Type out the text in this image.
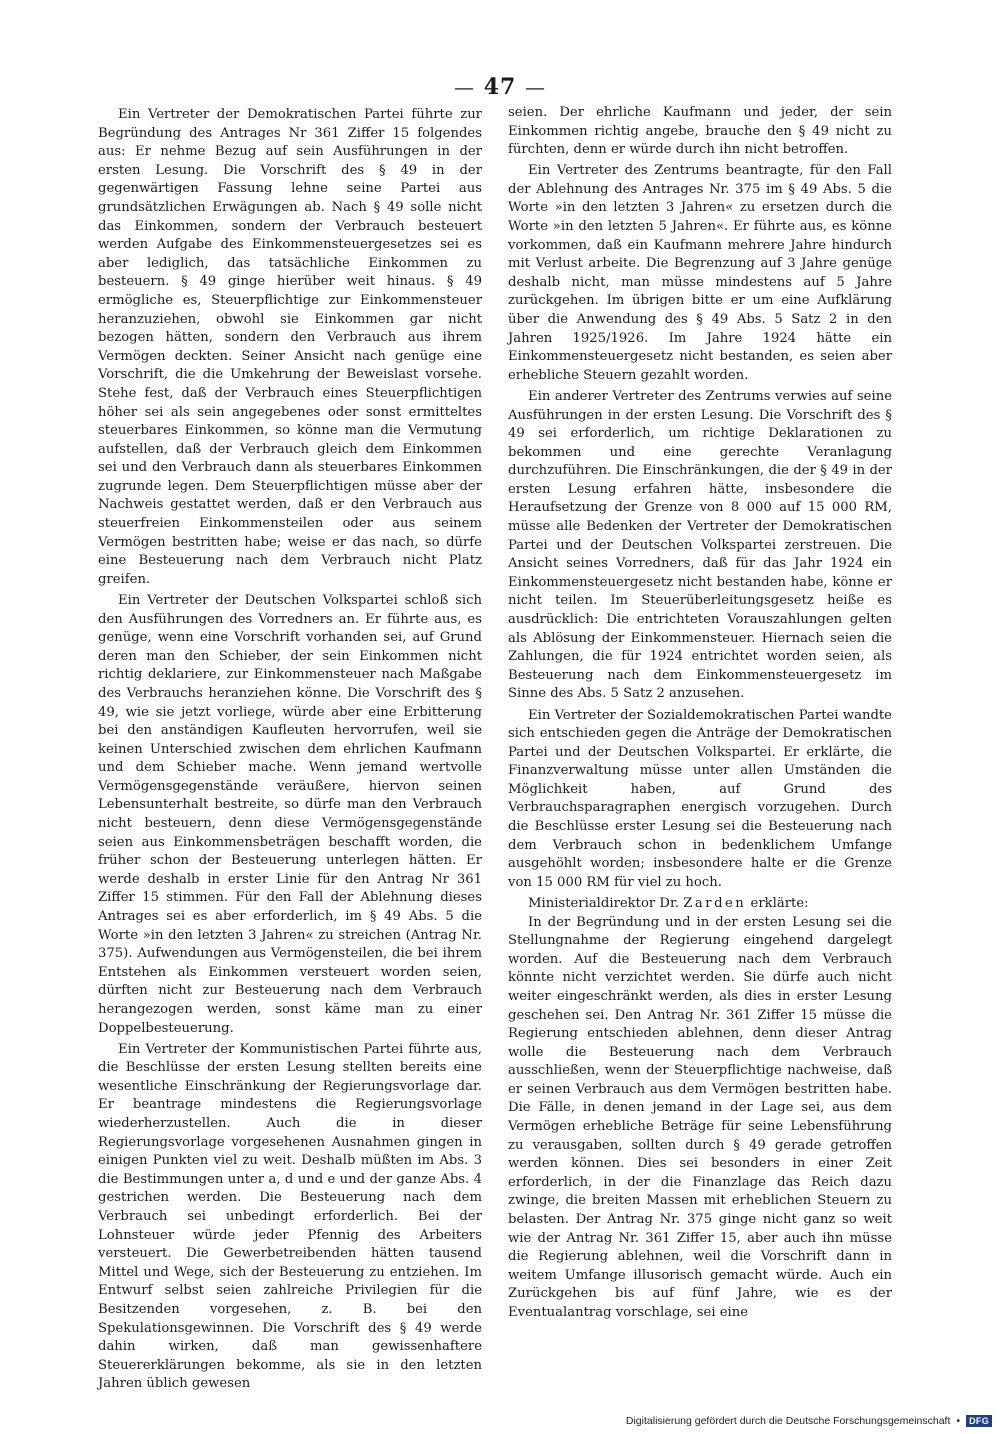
— 47 —

Ein Vertreter der Demokratischen Partei führte zur Begründung des Antrages Nr 361 Ziffer 15 folgendes aus: Er nehme Bezug auf sein Ausführungen in der ersten Lesung. Die Vorschrift des § 49 in der gegenwärtigen Fassung lehne seine Partei aus grundsätzlichen Erwägungen ab. Nach § 49 solle nicht das Einkommen, sondern der Verbrauch besteuert werden Aufgabe des Einkommensteuergesetzes sei es aber lediglich, das tatsächliche Einkommen zu besteuern. § 49 ginge hierüber weit hinaus. § 49 ermögliche es, Steuerpflichtige zur Einkommensteuer heranzuziehen, obwohl sie Einkommen gar nicht bezogen hätten, sondern den Verbrauch aus ihrem Vermögen deckten. Seiner Ansicht nach genüge eine Vorschrift, die die Umkehrung der Beweislast vorsehe. Stehe fest, daß der Verbrauch eines Steuerpflichtigen höher sei als sein angegebenes oder sonst ermitteltes steuerbares Einkommen, so könne man die Vermutung aufstellen, daß der Verbrauch gleich dem Einkommen sei und den Verbrauch dann als steuerbares Einkommen zugrunde legen. Dem Steuerpflichtigen müsse aber der Nachweis gestattet werden, daß er den Verbrauch aus steuerfreien Einkommensteilen oder aus seinem Vermögen bestritten habe; weise er das nach, so dürfe eine Besteuerung nach dem Verbrauch nicht Platz greifen.

Ein Vertreter der Deutschen Volkspartei schloß sich den Ausführungen des Vorredners an. Er führte aus, es genüge, wenn eine Vorschrift vorhanden sei, auf Grund deren man den Schieber, der sein Einkommen nicht richtig deklariere, zur Einkommensteuer nach Maßgabe des Verbrauchs heranziehen könne. Die Vorschrift des § 49, wie sie jetzt vorliege, würde aber eine Erbitterung bei den anständigen Kaufleuten hervorrufen, weil sie keinen Unterschied zwischen dem ehrlichen Kaufmann und dem Schieber mache. Wenn jemand wertvolle Vermögensgegenstände veräußere, hiervon seinen Lebensunterhalt bestreite, so dürfe man den Verbrauch nicht besteuern, denn diese Vermögensgegenstände seien aus Einkommensbeträgen beschafft worden, die früher schon der Besteuerung unterlegen hätten. Er werde deshalb in erster Linie für den Antrag Nr 361 Ziffer 15 stimmen. Für den Fall der Ablehnung dieses Antrages sei es aber erforderlich, im § 49 Abs. 5 die Worte »in den letzten 3 Jahren« zu streichen (Antrag Nr. 375). Aufwendungen aus Vermögensteilen, die bei ihrem Entstehen als Einkommen versteuert worden seien, dürften nicht zur Besteuerung nach dem Verbrauch herangezogen werden, sonst käme man zu einer Doppelbesteuerung.

Ein Vertreter der Kommunistischen Partei führte aus, die Beschlüsse der ersten Lesung stellten bereits eine wesentliche Einschränkung der Regierungsvorlage dar. Er beantrage mindestens die Regierungsvorlage wiederherzustellen. Auch die in dieser Regierungsvorlage vorgesehenen Ausnahmen gingen in einigen Punkten viel zu weit. Deshalb müßten im Abs. 3 die Bestimmungen unter a, d und e und der ganze Abs. 4 gestrichen werden. Die Besteuerung nach dem Verbrauch sei unbedingt erforderlich. Bei der Lohnsteuer würde jeder Pfennig des Arbeiters versteuert. Die Gewerbetreibenden hätten tausend Mittel und Wege, sich der Besteuerung zu entziehen. Im Entwurf selbst seien zahlreiche Privilegien für die Besitzenden vorgesehen, z. B. bei den Spekulationsgewinnen. Die Vorschrift des § 49 werde dahin wirken, daß man gewissenhaftere Steuererklärungen bekomme, als sie in den letzten Jahren üblich gewesen

seien. Der ehrliche Kaufmann und jeder, der sein Einkommen richtig angebe, brauche den § 49 nicht zu fürchten, denn er würde durch ihn nicht betroffen.

Ein Vertreter des Zentrums beantragte, für den Fall der Ablehnung des Antrages Nr. 375 im § 49 Abs. 5 die Worte »in den letzten 3 Jahren« zu ersetzen durch die Worte »in den letzten 5 Jahren«. Er führte aus, es könne vorkommen, daß ein Kaufmann mehrere Jahre hindurch mit Verlust arbeite. Die Begrenzung auf 3 Jahre genüge deshalb nicht, man müsse mindestens auf 5 Jahre zurückgehen. Im übrigen bitte er um eine Aufklärung über die Anwendung des § 49 Abs. 5 Satz 2 in den Jahren 1925/1926. Im Jahre 1924 hätte ein Einkommensteuergesetz nicht bestanden, es seien aber erhebliche Steuern gezahlt worden.

Ein anderer Vertreter des Zentrums verwies auf seine Ausführungen in der ersten Lesung. Die Vorschrift des § 49 sei erforderlich, um richtige Deklarationen zu bekommen und eine gerechte Veranlagung durchzuführen. Die Einschränkungen, die der § 49 in der ersten Lesung erfahren hätte, insbesondere die Heraufsetzung der Grenze von 8 000 auf 15 000 RM, müsse alle Bedenken der Vertreter der Demokratischen Partei und der Deutschen Volkspartei zerstreuen. Die Ansicht seines Vorredners, daß für das Jahr 1924 ein Einkommensteuergesetz nicht bestanden habe, könne er nicht teilen. Im Steuerüberleitungsgesetz heiße es ausdrücklich: Die entrichteten Vorauszahlungen gelten als Ablösung der Einkommensteuer. Hiernach seien die Zahlungen, die für 1924 entrichtet worden seien, als Besteuerung nach dem Einkommensteuergesetz im Sinne des Abs. 5 Satz 2 anzusehen.

Ein Vertreter der Sozialdemokratischen Partei wandte sich entschieden gegen die Anträge der Demokratischen Partei und der Deutschen Volkspartei. Er erklärte, die Finanzverwaltung müsse unter allen Umständen die Möglichkeit haben, auf Grund des Verbrauchsparagraphen energisch vorzugehen. Durch die Beschlüsse erster Lesung sei die Besteuerung nach dem Verbrauch schon in bedenklichem Umfange ausgehöhlt worden; insbesondere halte er die Grenze von 15 000 RM für viel zu hoch.

Ministerialdirektor Dr. Zarden erklärte:

In der Begründung und in der ersten Lesung sei die Stellungnahme der Regierung eingehend dargelegt worden. Auf die Besteuerung nach dem Verbrauch könnte nicht verzichtet werden. Sie dürfe auch nicht weiter eingeschränkt werden, als dies in erster Lesung geschehen sei. Den Antrag Nr. 361 Ziffer 15 müsse die Regierung entschieden ablehnen, denn dieser Antrag wolle die Besteuerung nach dem Verbrauch ausschließen, wenn der Steuerpflichtige nachweise, daß er seinen Verbrauch aus dem Vermögen bestritten habe. Die Fälle, in denen jemand in der Lage sei, aus dem Vermögen erhebliche Beträge für seine Lebensführung zu verausgaben, sollten durch § 49 gerade getroffen werden können. Dies sei besonders in einer Zeit erforderlich, in der die Finanzlage das Reich dazu zwinge, die breiten Massen mit erheblichen Steuern zu belasten. Der Antrag Nr. 375 ginge nicht ganz so weit wie der Antrag Nr. 361 Ziffer 15, aber auch ihn müsse die Regierung ablehnen, weil die Vorschrift dann in weitem Umfange illusorisch gemacht würde. Auch ein Zurückgehen bis auf fünf Jahre, wie es der Eventualantrag vorschlage, sei eine

Digitalisierung gefördert durch die Deutsche Forschungsgemeinschaft •	DFG
